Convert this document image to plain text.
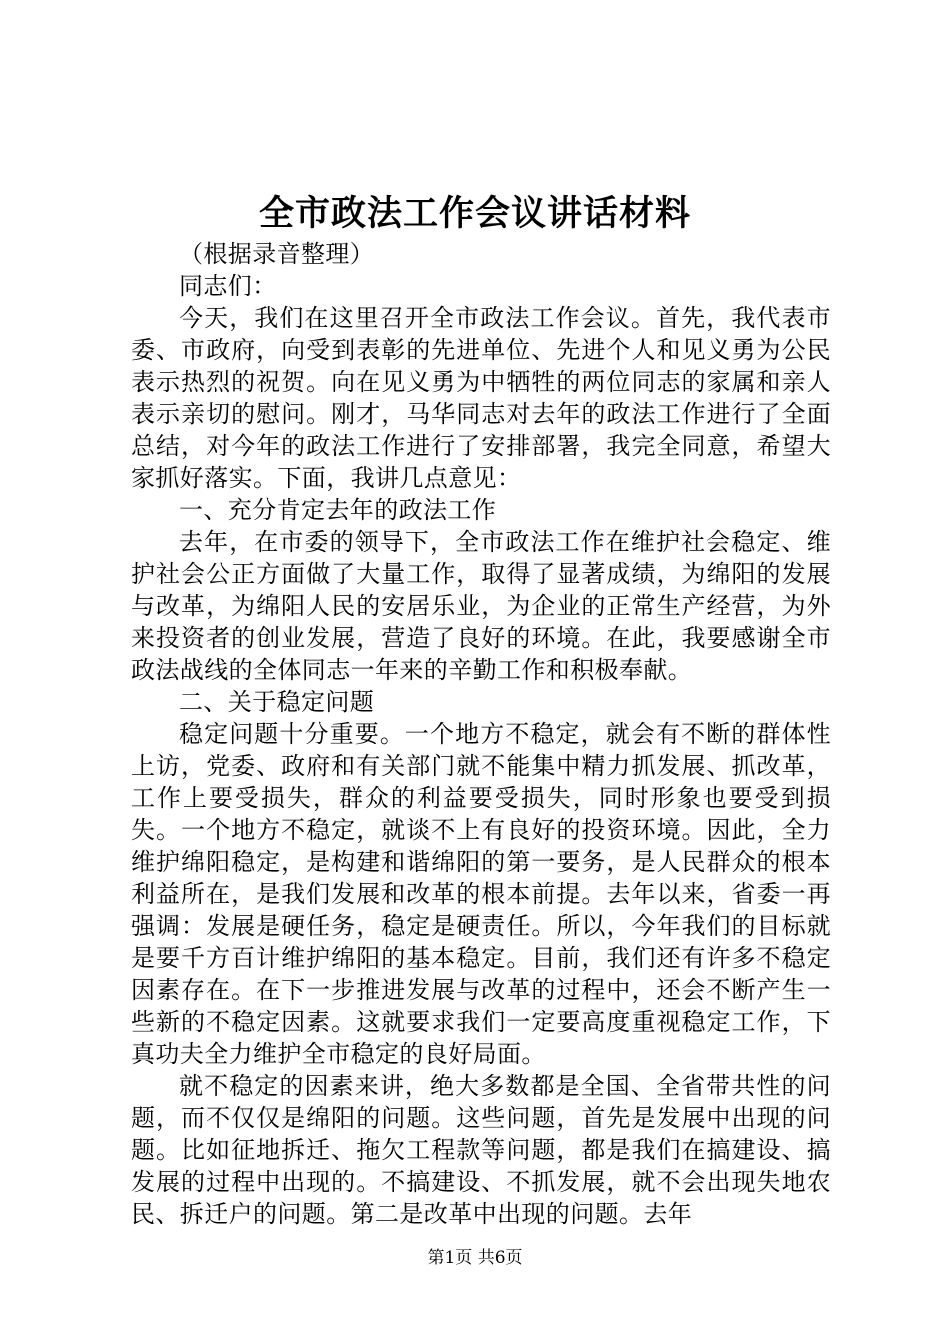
全市政法工作会议讲话材料

（根据录音整理）

同志们：

今天，我们在这里召开全市政法工作会议。首先，我代表市委、市政府，向受到表彰的先进单位、先进个人和见义勇为公民表示热烈的祝贺。向在见义勇为中牺牲的两位同志的家属和亲人表示亲切的慰问。刚才，马华同志对去年的政法工作进行了全面总结，对今年的政法工作进行了安排部署，我完全同意，希望大家抓好落实。下面，我讲几点意见：

一、充分肯定去年的政法工作

去年，在市委的领导下，全市政法工作在维护社会稳定、维护社会公正方面做了大量工作，取得了显著成绩，为绵阳的发展与改革，为绵阳人民的安居乐业，为企业的正常生产经营，为外来投资者的创业发展，营造了良好的环境。在此，我要感谢全市政法战线的全体同志一年来的辛勤工作和积极奉献。

二、关于稳定问题

稳定问题十分重要。一个地方不稳定，就会有不断的群体性上访，党委、政府和有关部门就不能集中精力抓发展、抓改革，工作上要受损失，群众的利益要受损失，同时形象也要受到损失。一个地方不稳定，就谈不上有良好的投资环境。因此，全力维护绵阳稳定，是构建和谐绵阳的第一要务，是人民群众的根本利益所在，是我们发展和改革的根本前提。去年以来，省委一再强调：发展是硬任务，稳定是硬责任。所以，今年我们的目标就是要千方百计维护绵阳的基本稳定。目前，我们还有许多不稳定因素存在。在下一步推进发展与改革的过程中，还会不断产生一些新的不稳定因素。这就要求我们一定要高度重视稳定工作，下真功夫全力维护全市稳定的良好局面。

就不稳定的因素来讲，绝大多数都是全国、全省带共性的问题，而不仅仅是绵阳的问题。这些问题，首先是发展中出现的问题。比如征地拆迁、拖欠工程款等问题，都是我们在搞建设、搞发展的过程中出现的。不搞建设、不抓发展，就不会出现失地农民、拆迁户的问题。第二是改革中出现的问题。去年

第1页 共6页
